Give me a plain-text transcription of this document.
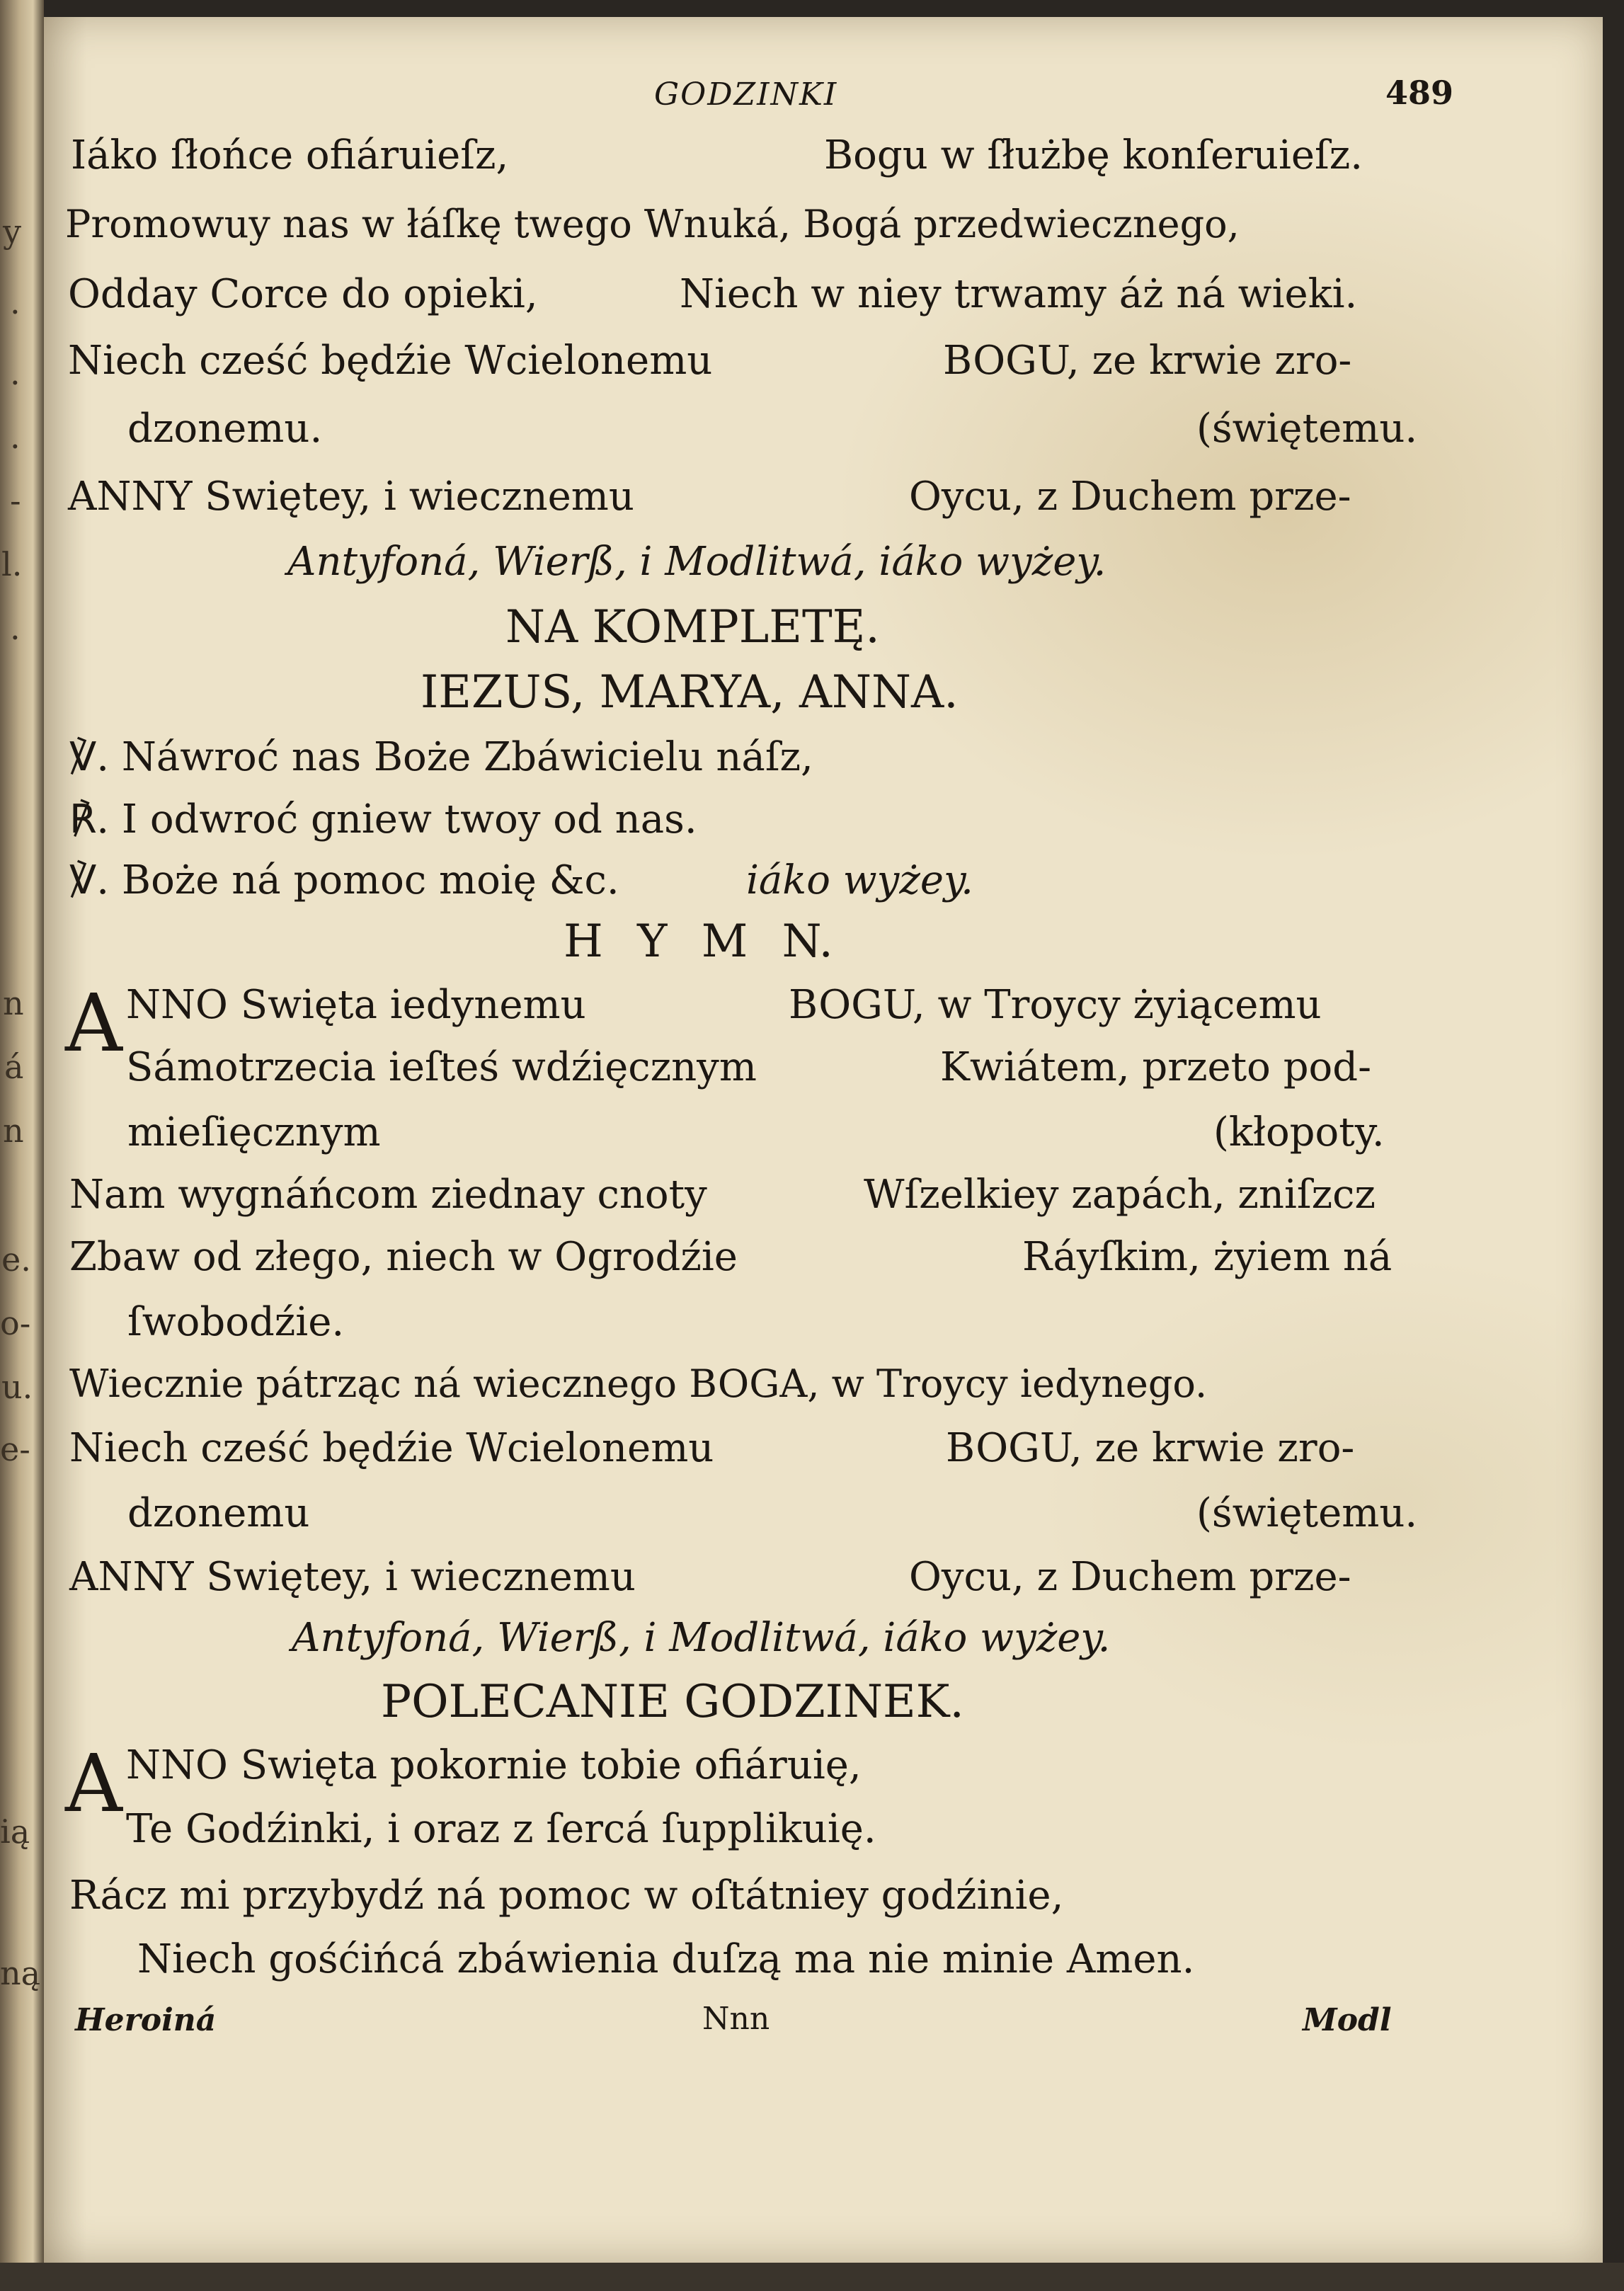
GODZINKI	489
Iáko ſłońce ofiáruieſz,	Bogu w ſłużbę konſeruieſz.
Promowuy nas w łáſkę twego Wnuká, Bogá przedwiecznego,
Odday Corce do opieki,	Niech w niey trwamy áż ná wieki.
Niech cześć będźie Wcielonemu	BOGU, ze krwie zro-
dzonemu.	(świętemu.
ANNY Swiętey, i wiecznemu	Oycu, z Duchem prze-
Antyfoná, Wierß, i Modlitwá, iáko wyżey.
NA KOMPLETĘ.
IEZUS, MARYA, ANNA.
℣. Náwroć nas Boże Zbáwicielu náſz,
℟. I odwroć gniew twoy od nas.
℣. Boże ná pomoc moię &c.	iáko wyżey.
H Y M N.
A NNO Swięta iedynemu	BOGU, w Troycy żyiącemu
Sámotrzecia ieſteś wdźięcznym	Kwiátem, przeto pod-
mieſięcznym	(kłopoty.
Nam wygnáńcom ziednay cnoty	Wſzelkiey zapách, zniſzcz
Zbaw od złego, niech w Ogrodźie	Ráyſkim, żyiem ná
ſwobodźie.
Wiecznie pátrząc ná wiecznego BOGA, w Troycy iedynego.
Niech cześć będźie Wcielonemu	BOGU, ze krwie zro-
dzonemu	(świętemu.
ANNY Swiętey, i wiecznemu	Oycu, z Duchem prze-
Antyfoná, Wierß, i Modlitwá, iáko wyżey.
POLECANIE GODZINEK.
A NNO Swięta pokornie tobie ofiáruię,
Te Godźinki, i oraz z ſercá ſupplikuię.
Rácz mi przybydź ná pomoc w oſtátniey godźinie,
Niech gośćińcá zbáwienia duſzą ma nie minie Amen.
Heroiná	Nnn	Modl
y
.
.
.
-
l.
.
n
á
n
e.
o-
u.
e-
ią
ną
